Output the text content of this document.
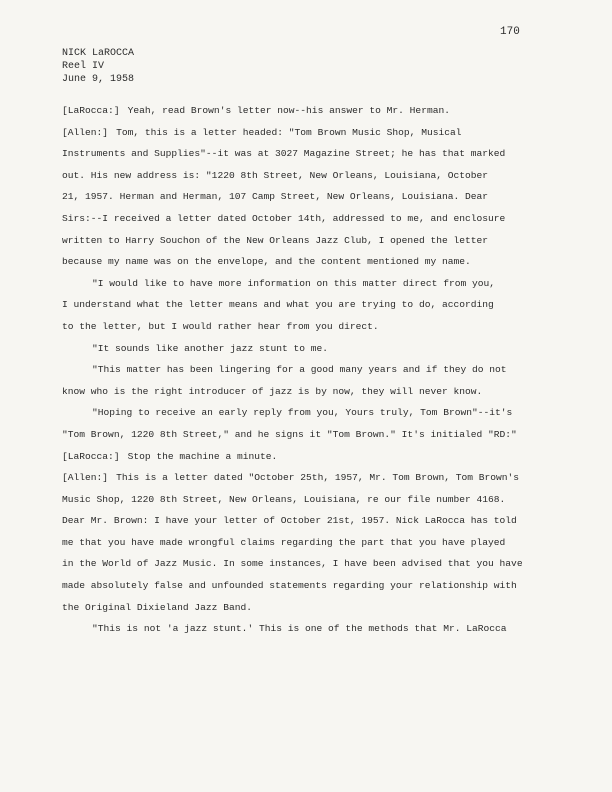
170
NICK LaROCCA
Reel IV
June 9, 1958
[LaRocca:] Yeah, read Brown's letter now--his answer to Mr. Herman.
[Allen:] Tom, this is a letter headed: "Tom Brown Music Shop, Musical
Instruments and Supplies"--it was at 3027 Magazine Street; he has that marked
out. His new address is: "1220 8th Street, New Orleans, Louisiana, October
21, 1957. Herman and Herman, 107 Camp Street, New Orleans, Louisiana. Dear
Sirs:--I received a letter dated October 14th, addressed to me, and enclosure
written to Harry Souchon of the New Orleans Jazz Club, I opened the letter
because my name was on the envelope, and the content mentioned my name.
"I would like to have more information on this matter direct from you,
I understand what the letter means and what you are trying to do, according
to the letter, but I would rather hear from you direct.
"It sounds like another jazz stunt to me.
"This matter has been lingering for a good many years and if they do not
know who is the right introducer of jazz is by now, they will never know.
"Hoping to receive an early reply from you, Yours truly, Tom Brown"--it's
"Tom Brown, 1220 8th Street," and he signs it "Tom Brown." It's initialed "RD:"
[LaRocca:] Stop the machine a minute.
[Allen:] This is a letter dated "October 25th, 1957, Mr. Tom Brown, Tom Brown's
Music Shop, 1220 8th Street, New Orleans, Louisiana, re our file number 4168.
Dear Mr. Brown: I have your letter of October 21st, 1957. Nick LaRocca has told
me that you have made wrongful claims regarding the part that you have played
in the World of Jazz Music. In some instances, I have been advised that you have
made absolutely false and unfounded statements regarding your relationship with
the Original Dixieland Jazz Band.
"This is not 'a jazz stunt.' This is one of the methods that Mr. LaRocca
